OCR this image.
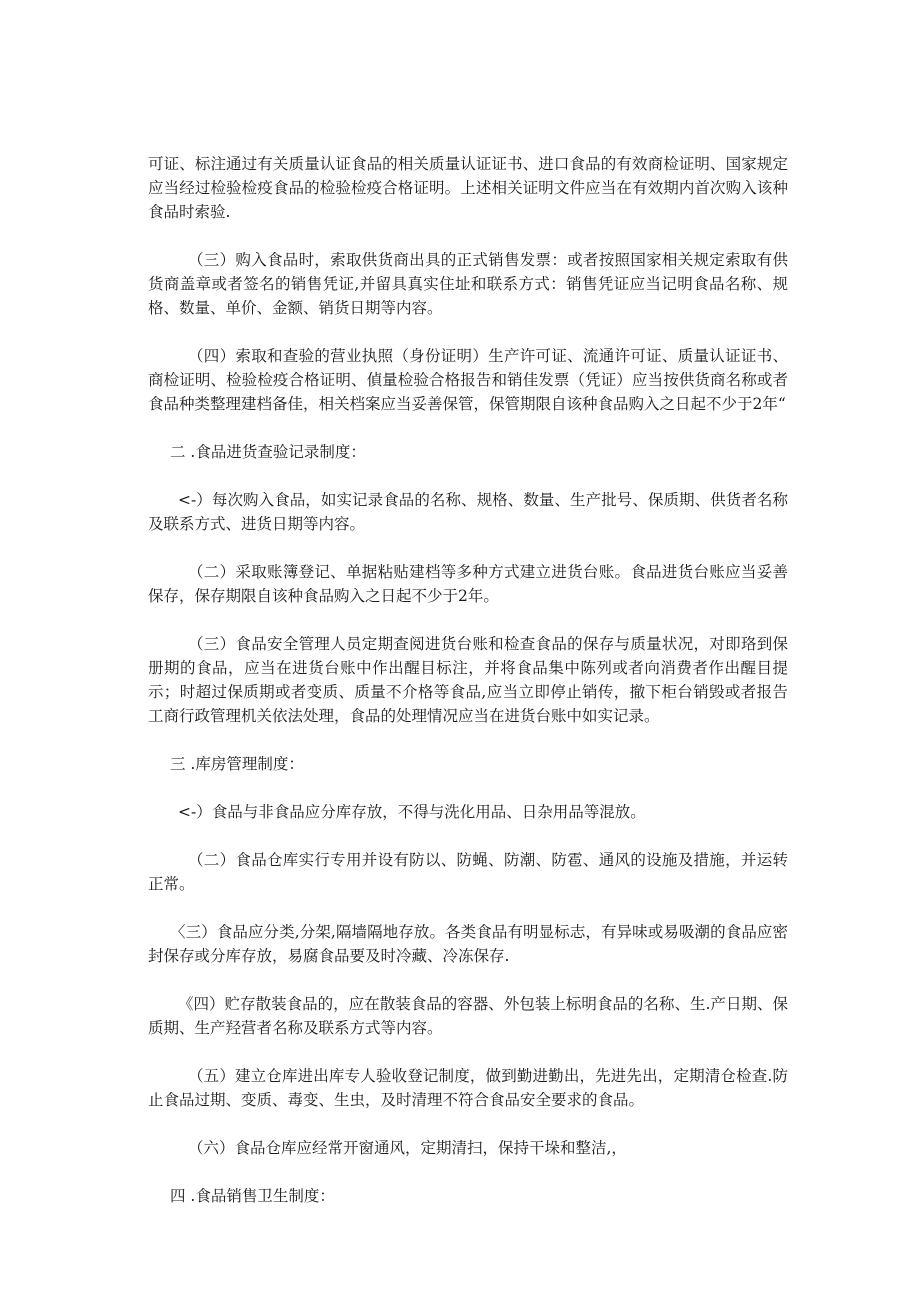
可证、标注通过有关质量认证食品的相关质量认证证书、进口食品的有效商检证明、国家规定应当经过检验检疫食品的检验检疫合格证明。上述相关证明文件应当在有效期内首次购入该种食品时索验.

（三）购入食品时，索取供货商出具的正式销售发票：或者按照国家相关规定索取有供货商盖章或者签名的销售凭证,并留具真实住址和联系方式：销售凭证应当记明食品名称、规格、数量、单价、金额、销货日期等内容。

（四）索取和查验的营业执照（身份证明）生产许可证、流通许可证、质量认证证书、商检证明、检验检疫合格证明、偵量检验合格报告和销佳发票（凭证）应当按供货商名称或者食品种类整理建档备佳，相关档案应当妥善保管，保管期限自该种食品购入之日起不少于2年“

二 .食品进货查验记录制度：

<-）每次购入食品，如实记录食品的名称、规格、数量、生产批号、保质期、供货者名称及联系方式、进货日期等内容。

（二）采取账簿登记、单据粘贴建档等多种方式建立进货台账。食品进货台账应当妥善保存，保存期限自该种食品购入之日起不少于2年。

（三）食品安全管理人员定期查阅进货台账和检查食品的保存与质量状况，对即珞到保册期的食品，应当在进货台账中作出醒目标注，并将食品集中陈列或者向消费者作出醒目提示；时超过保质期或者变质、质量不介格等食品,应当立即停止销传，撤下柜台销毁或者报告工商行政管理机关依法处理，食品的处理情况应当在进货台账中如实记录。

三 .库房管理制度：

<-）食品与非食品应分库存放，不得与洗化用品、日杂用品等混放。

（二）食品仓库实行专用并设有防以、防蝇、防潮、防雹、通风的设施及措施，并运转正常。

〈三）食品应分类,分架,隔墙隔地存放。各类食品有明显标志，有异味或易吸潮的食品应密封保存或分库存放，易腐食品要及时冷藏、冷冻保存.

《四）贮存散装食品的，应在散装食品的容器、外包装上标明食品的名称、生.产日期、保质期、生产羟营者名称及联系方式等内容。

（五）建立仓库进出库专人验收登记制度，做到勤进勤出，先进先出，定期清仓检查.防止食品过期、变质、毒变、生虫，及时清理不符合食品安全要求的食品。

（六）食品仓库应经常开窗通风，定期清扫，保持干垛和整洁,，

四 .食品销售卫生制度：
